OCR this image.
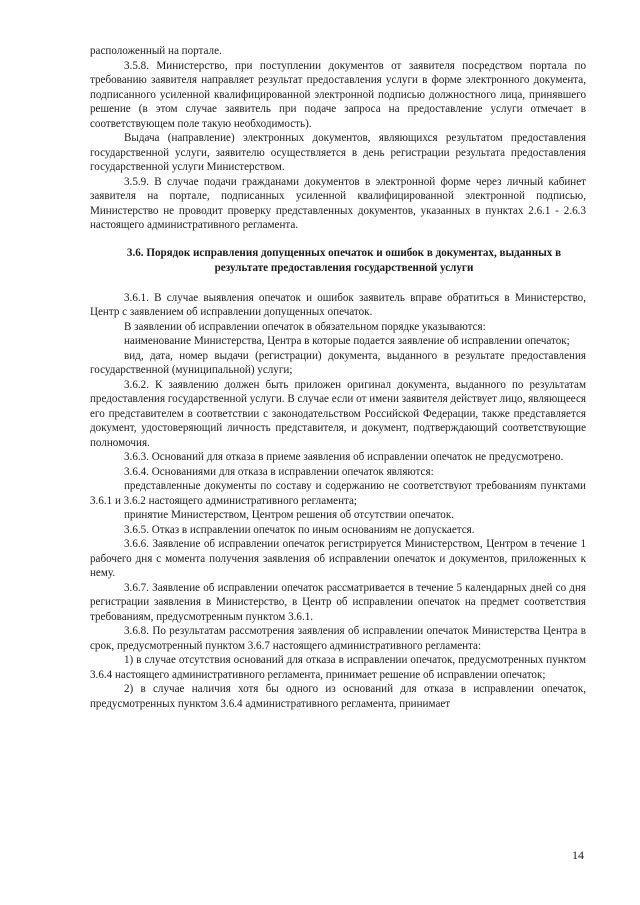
расположенный на портале.

3.5.8. Министерство, при поступлении документов от заявителя посредством портала по требованию заявителя направляет результат предоставления услуги в форме электронного документа, подписанного усиленной квалифицированной электронной подписью должностного лица, принявшего решение (в этом случае заявитель при подаче запроса на предоставление услуги отмечает в соответствующем поле такую необходимость).

Выдача (направление) электронных документов, являющихся результатом предоставления государственной услуги, заявителю осуществляется в день регистрации результата предоставления государственной услуги Министерством.

3.5.9. В случае подачи гражданами документов в электронной форме через личный кабинет заявителя на портале, подписанных усиленной квалифицированной электронной подписью, Министерство не проводит проверку представленных документов, указанных в пунктах 2.6.1 - 2.6.3 настоящего административного регламента.

3.6. Порядок исправления допущенных опечаток и ошибок в документах, выданных в результате предоставления государственной услуги

3.6.1. В случае выявления опечаток и ошибок заявитель вправе обратиться в Министерство, Центр с заявлением об исправлении допущенных опечаток.

В заявлении об исправлении опечаток в обязательном порядке указываются:

наименование Министерства, Центра в которые подается заявление об исправлении опечаток;

вид, дата, номер выдачи (регистрации) документа, выданного в результате предоставления государственной (муниципальной) услуги;

3.6.2. К заявлению должен быть приложен оригинал документа, выданного по результатам предоставления государственной услуги. В случае если от имени заявителя действует лицо, являющееся его представителем в соответствии с законодательством Российской Федерации, также представляется документ, удостоверяющий личность представителя, и документ, подтверждающий соответствующие полномочия.

3.6.3. Оснований для отказа в приеме заявления об исправлении опечаток не предусмотрено.

3.6.4. Основаниями для отказа в исправлении опечаток являются:

представленные документы по составу и содержанию не соответствуют требованиям пунктами 3.6.1 и 3.6.2 настоящего административного регламента;

принятие Министерством, Центром решения об отсутствии опечаток.

3.6.5. Отказ в исправлении опечаток по иным основаниям не допускается.

3.6.6. Заявление об исправлении опечаток регистрируется Министерством, Центром в течение 1 рабочего дня с момента получения заявления об исправлении опечаток и документов, приложенных к нему.

3.6.7. Заявление об исправлении опечаток рассматривается в течение 5 календарных дней со дня регистрации заявления в Министерство, в Центр об исправлении опечаток на предмет соответствия требованиям, предусмотренным пунктом 3.6.1.

3.6.8. По результатам рассмотрения заявления об исправлении опечаток Министерства Центра в срок, предусмотренный пунктом 3.6.7 настоящего административного регламента:

1) в случае отсутствия оснований для отказа в исправлении опечаток, предусмотренных пунктом 3.6.4 настоящего административного регламента, принимает решение об исправлении опечаток;

2) в случае наличия хотя бы одного из оснований для отказа в исправлении опечаток, предусмотренных пунктом 3.6.4 административного регламента, принимает

14
